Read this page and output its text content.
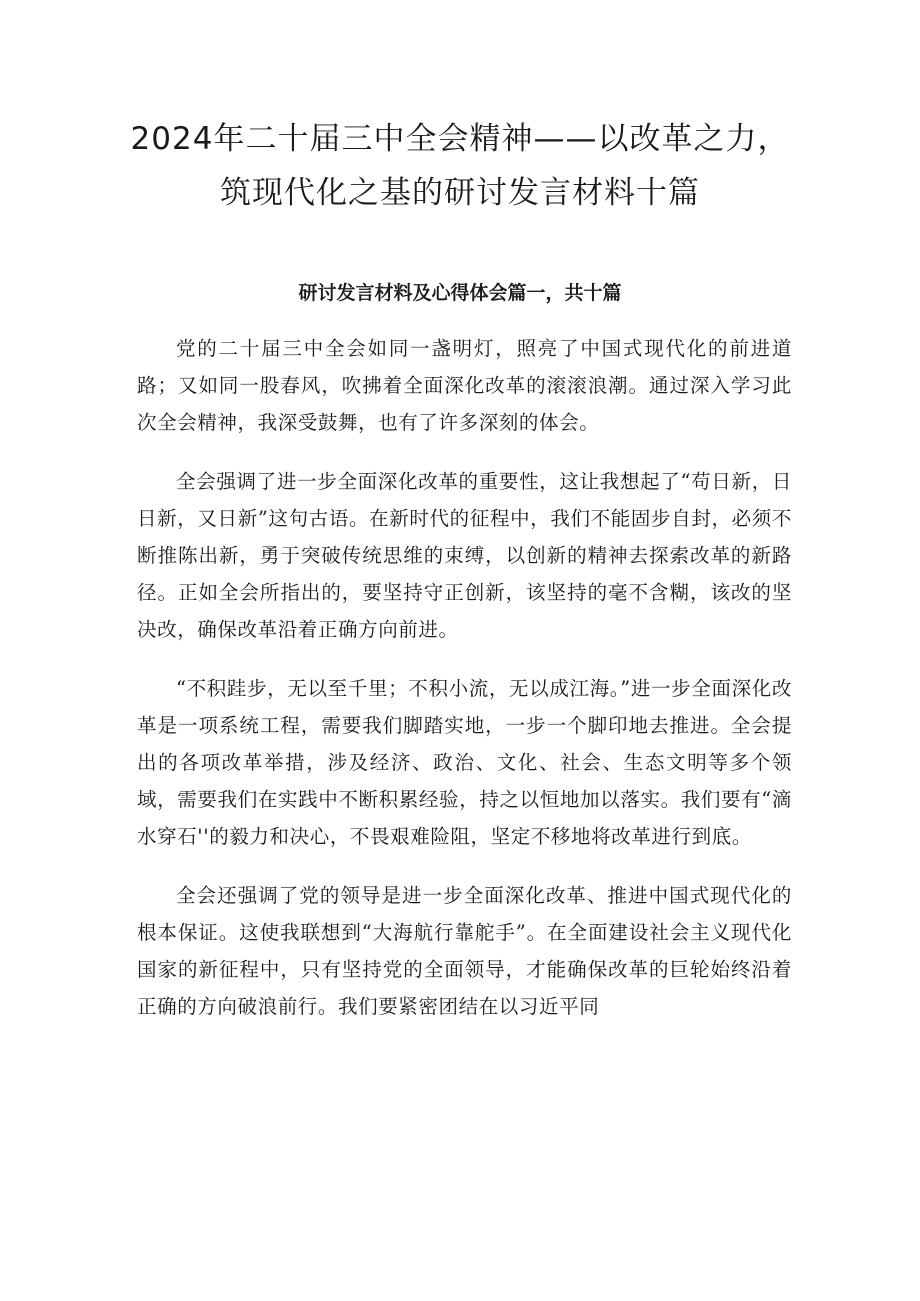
2024年二十届三中全会精神——以改革之力，筑现代化之基的研讨发言材料十篇
研讨发言材料及心得体会篇一，共十篇

党的二十届三中全会如同一盏明灯，照亮了中国式现代化的前进道路；又如同一股春风，吹拂着全面深化改革的滚滚浪潮。通过深入学习此次全会精神，我深受鼓舞，也有了许多深刻的体会。

全会强调了进一步全面深化改革的重要性，这让我想起了“苟日新，日日新，又日新”这句古语。在新时代的征程中，我们不能固步自封，必须不断推陈出新，勇于突破传统思维的束缚，以创新的精神去探索改革的新路径。正如全会所指出的，要坚持守正创新，该坚持的毫不含糊，该改的坚决改，确保改革沿着正确方向前进。

“不积跬步，无以至千里；不积小流，无以成江海。”进一步全面深化改革是一项系统工程，需要我们脚踏实地，一步一个脚印地去推进。全会提出的各项改革举措，涉及经济、政治、文化、社会、生态文明等多个领域，需要我们在实践中不断积累经验，持之以恒地加以落实。我们要有“滴水穿石''的毅力和决心，不畏艰难险阻，坚定不移地将改革进行到底。

全会还强调了党的领导是进一步全面深化改革、推进中国式现代化的根本保证。这使我联想到“大海航行靠舵手”。在全面建设社会主义现代化国家的新征程中，只有坚持党的全面领导，才能确保改革的巨轮始终沿着正确的方向破浪前行。我们要紧密团结在以习近平同
